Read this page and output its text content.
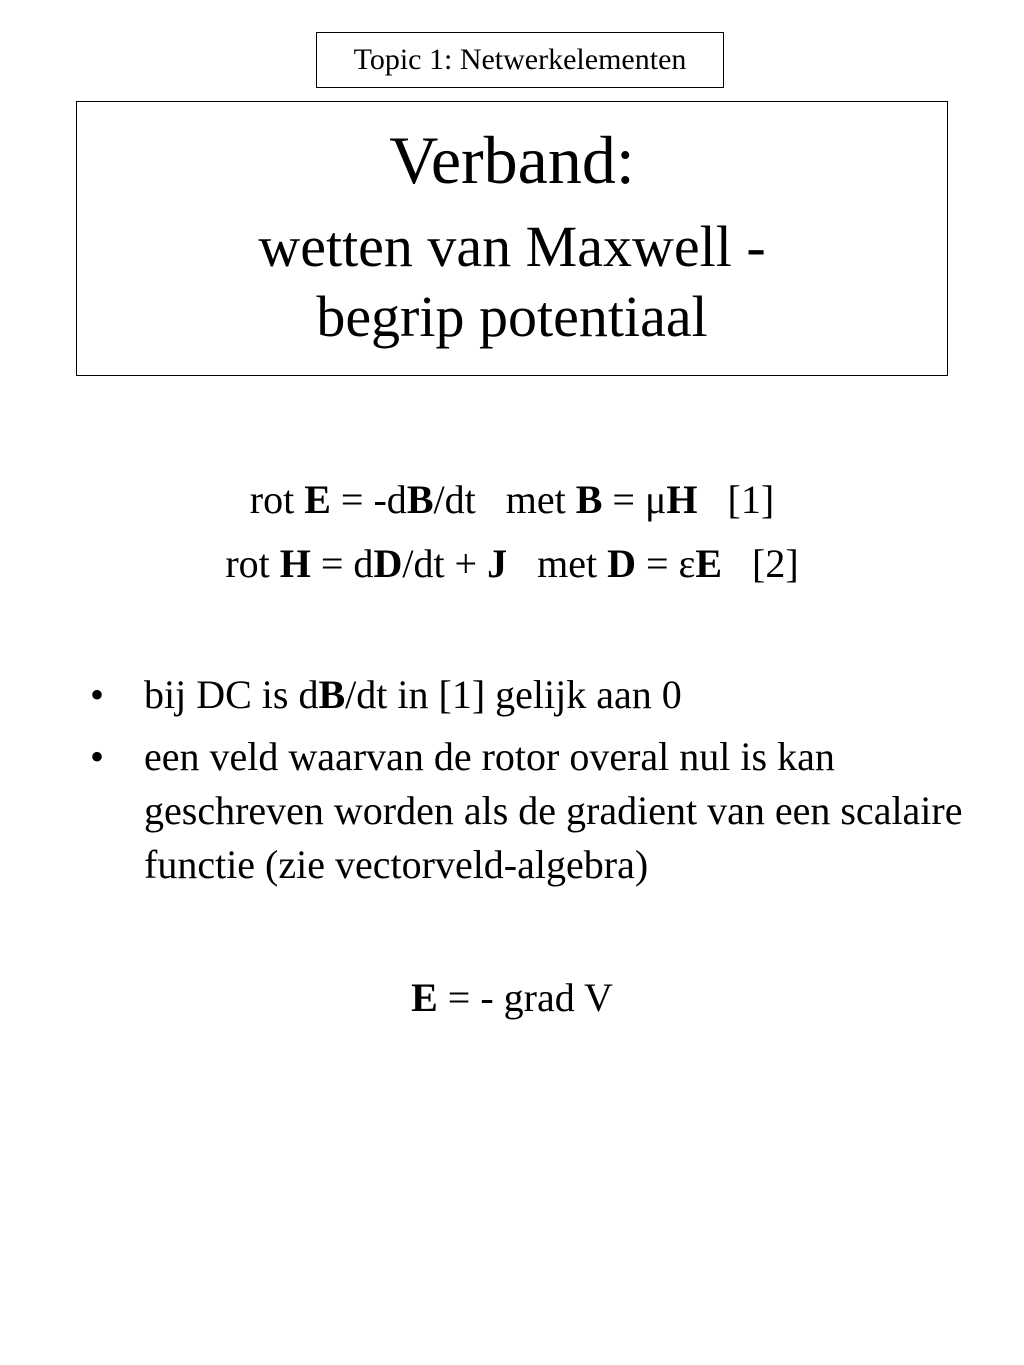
Topic 1: Netwerkelementen
Verband:
wetten van Maxwell -
begrip potentiaal
rot E = -dB/dt   met B = μH   [1]
rot H = dD/dt + J   met D = εE   [2]
• bij DC is dB/dt in [1] gelijk aan 0
• een veld waarvan de rotor overal nul is kan geschreven worden als de gradient van een scalaire functie (zie vectorveld-algebra)
E = - grad V
